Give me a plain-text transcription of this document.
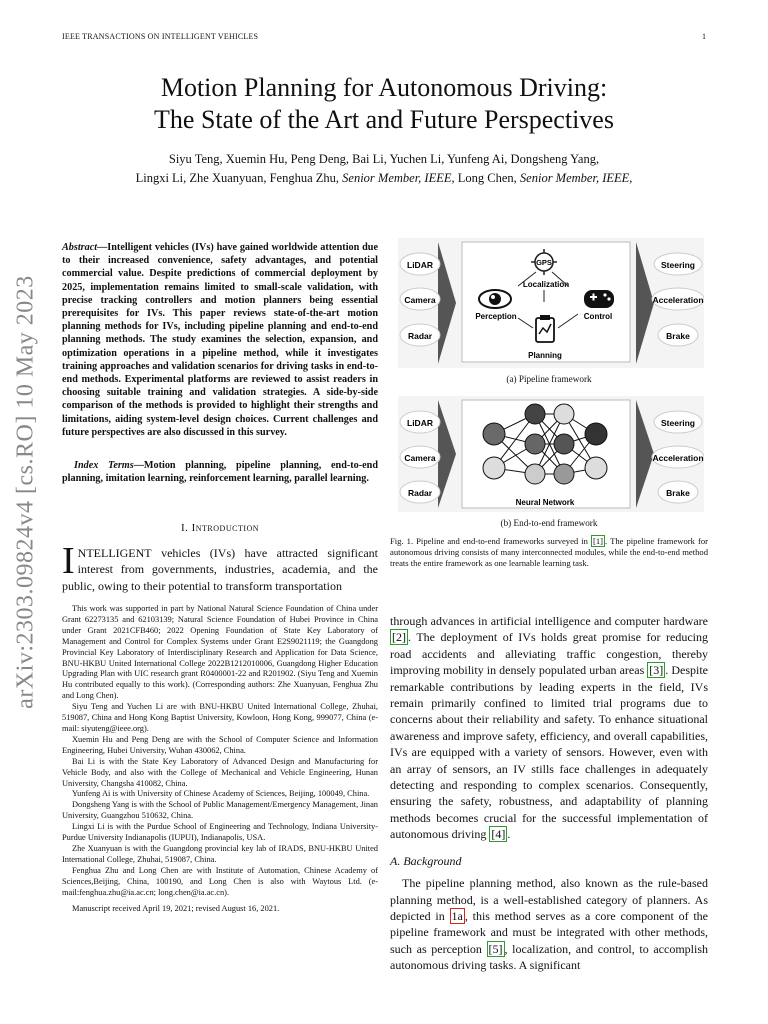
IEEE TRANSACTIONS ON INTELLIGENT VEHICLES	1
arXiv:2303.09824v4 [cs.RO] 10 May 2023
Motion Planning for Autonomous Driving:
The State of the Art and Future Perspectives
Siyu Teng, Xuemin Hu, Peng Deng, Bai Li, Yuchen Li, Yunfeng Ai, Dongsheng Yang,
Lingxi Li, Zhe Xuanyuan, Fenghua Zhu, Senior Member, IEEE, Long Chen, Senior Member, IEEE,
Abstract—Intelligent vehicles (IVs) have gained worldwide attention due to their increased convenience, safety advantages, and potential commercial value. Despite predictions of commercial deployment by 2025, implementation remains limited to small-scale validation, with precise tracking controllers and motion planners being essential prerequisites for IVs. This paper reviews state-of-the-art motion planning methods for IVs, including pipeline planning and end-to-end planning methods. The study examines the selection, expansion, and optimization operations in a pipeline method, while it investigates training approaches and validation scenarios for driving tasks in end-to-end methods. Experimental platforms are reviewed to assist readers in choosing suitable training and validation strategies. A side-by-side comparison of the methods is provided to highlight their strengths and limitations, aiding system-level design choices. Current challenges and future perspectives are also discussed in this survey.
Index Terms—Motion planning, pipeline planning, end-to-end planning, imitation learning, reinforcement learning, parallel learning.
I. Introduction
INTELLIGENT vehicles (IVs) have attracted significant interest from governments, industries, academia, and the public, owing to their potential to transform transportation

This work was supported in part by National Natural Science Foundation of China under Grant 62273135 and 62103139; Natural Science Foundation of Hubei Province in China under Grant 2021CFB460; 2022 Opening Foundation of State Key Laboratory of Management and Control for Complex Systems under Grant E2S9021119; the Guangdong Provincial Key Laboratory of Interdisciplinary Research and Application for Data Science, BNU-HKBU United International College 2022B1212010006, Guangdong Higher Education Upgrading Plan with UIC research grant R0400001-22 and R201902. (Siyu Teng and Xuemin Hu contributed equally to this work). (Corresponding authors: Zhe Xuanyuan, Fenghua Zhu and Long Chen).

Siyu Teng and Yuchen Li are with BNU-HKBU United International College, Zhuhai, 519087, China and Hong Kong Baptist University, Kowloon, Hong Kong, 999077, China (e-mail: siyuteng@ieee.org).

Xuemin Hu and Peng Deng are with the School of Computer Science and Information Engineering, Hubei University, Wuhan 430062, China.

Bai Li is with the State Key Laboratory of Advanced Design and Manufacturing for Vehicle Body, and also with the College of Mechanical and Vehicle Engineering, Hunan University, Changsha 410082, China.

Yunfeng Ai is with University of Chinese Academy of Sciences, Beijing, 100049, China.

Dongsheng Yang is with the School of Public Management/Emergency Management, Jinan University, Guangzhou 510632, China.

Lingxi Li is with the Purdue School of Engineering and Technology, Indiana University-Purdue University Indianapolis (IUPUI), Indianapolis, USA.

Zhe Xuanyuan is with the Guangdong provincial key lab of IRADS, BNU-HKBU United International College, Zhuhai, 519087, China.

Fenghua Zhu and Long Chen are with Institute of Automation, Chinese Academy of Sciences,Beijing, China, 100190, and Long Chen is also with Waytous Ltd. (e-mail:fenghua.zhu@ia.ac.cn; long.chen@ia.ac.cn).

Manuscript received April 19, 2021; revised August 16, 2021.

LiDAR
Camera
Radar
GPS
Localization
Perception	Control
Planning
Steering
Acceleration
Brake
(a) Pipeline framework
LiDAR
Camera
Radar
Neural Network
Steering
Acceleration
Brake
(b) End-to-end framework
Fig. 1. Pipeline and end-to-end frameworks surveyed in [1] . The pipeline framework for autonomous driving consists of many interconnected modules, while the end-to-end method treats the entire framework as one learnable learning task.

through advances in artificial intelligence and computer hardware [2] . The deployment of IVs holds great promise for reducing road accidents and alleviating traffic congestion, thereby improving mobility in densely populated urban areas [3] . Despite remarkable contributions by leading experts in the field, IVs remain primarily confined to limited trial programs due to concerns about their reliability and safety. To enhance situational awareness and improve safety, efficiency, and overall capabilities, IVs are equipped with a variety of sensors. However, even with an array of sensors, an IV stills face challenges in adequately detecting and responding to complex scenarios. Consequently, ensuring the safety, robustness, and adaptability of planning methods becomes crucial for the successful implementation of autonomous driving [4] .

A. Background

The pipeline planning method, also known as the rule-based planning method, is a well-established category of planners. As depicted in 1a , this method serves as a core component of the pipeline framework and must be integrated with other methods, such as perception [5] , localization, and control, to accomplish autonomous driving tasks. A significant
